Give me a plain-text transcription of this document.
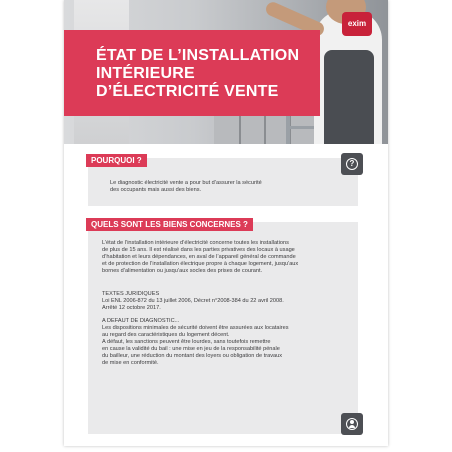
exim
ÉTAT DE L’INSTALLATION
INTÉRIEURE
D’ÉLECTRICITÉ VENTE
Le diagnostic électricité vente a pour but d’assurer la sécurité
des occupants mais aussi des biens.
POURQUOI ?	?
L’état de l’installation intérieure d’électricité concerne toutes les installations
de plus de 15 ans. Il est réalisé dans les parties privatives des locaux à usage
d’habitation et leurs dépendances, en aval de l’appareil général de commande
et de protection de l’installation électrique propre à chaque logement, jusqu’aux
bornes d’alimentation ou jusqu’aux socles des prises de courant.
TEXTES JURIDIQUES
Loi ENL 2006-872 du 13 juillet 2006, Décret n°2008-384 du 22 avril 2008.
Arrêté 12 octobre 2017.
A DEFAUT DE DIAGNOSTIC...
Les dispositions minimales de sécurité doivent être assurées aux locataires
au regard des caractéristiques du logement décent.
A défaut, les sanctions peuvent être lourdes, sans toutefois remettre
en cause la validité du bail : une mise en jeu de la responsabilité pénale
du bailleur, une réduction du montant des loyers ou obligation de travaux
de mise en conformité.
QUELS SONT LES BIENS CONCERNES ?
